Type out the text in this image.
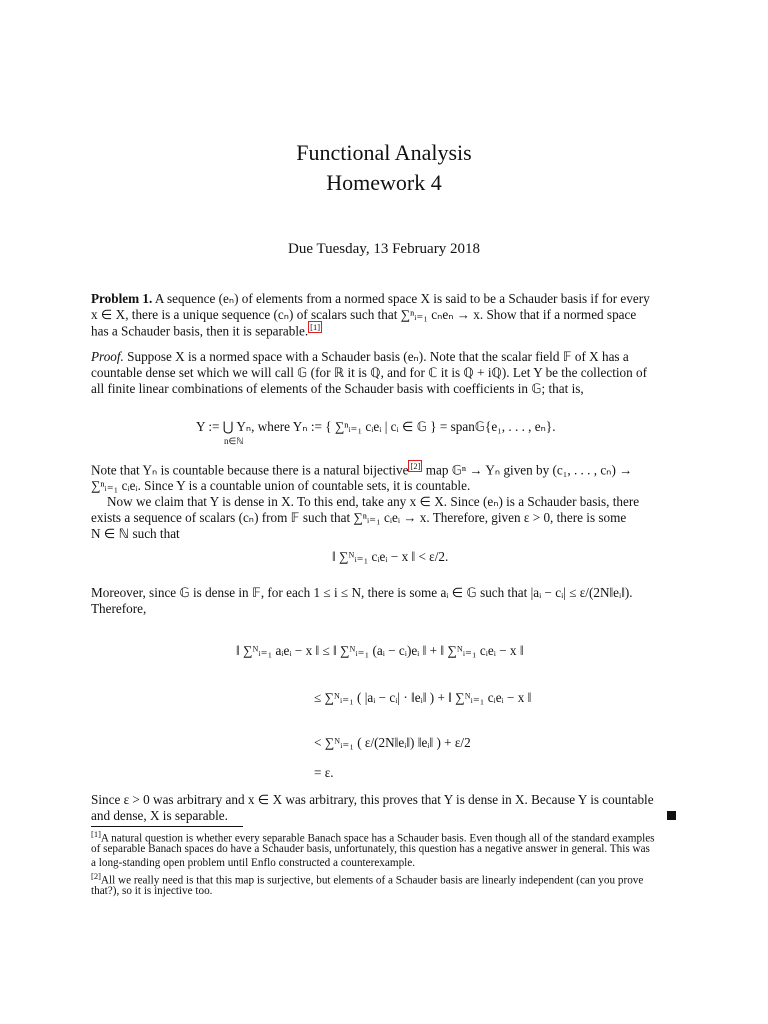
Functional Analysis
Homework 4
Due Tuesday, 13 February 2018
Problem 1. A sequence (eₙ) of elements from a normed space X is said to be a Schauder basis if for every
x ∈ X, there is a unique sequence (cₙ) of scalars such that ∑ⁿᵢ₌₁ cₙeₙ → x. Show that if a normed space
has a Schauder basis, then it is separable. [1]
Proof. Suppose X is a normed space with a Schauder basis (eₙ). Note that the scalar field 𝔽 of X has a
countable dense set which we will call 𝔾 (for ℝ it is ℚ, and for ℂ it is ℚ + iℚ). Let Y be the collection of
all finite linear combinations of elements of the Schauder basis with coefficients in 𝔾; that is,
Y := ⋃ Yₙ, where Yₙ := { ∑ⁿᵢ₌₁ cᵢeᵢ | cᵢ ∈ 𝔾 } = span𝔾{e₁, . . . , eₙ}.
n∈ℕ
Note that Yₙ is countable because there is a natural bijective [2] map 𝔾ⁿ → Yₙ given by (c₁, . . . , cₙ) →
∑ⁿᵢ₌₁ cᵢeᵢ. Since Y is a countable union of countable sets, it is countable.
Now we claim that Y is dense in X. To this end, take any x ∈ X. Since (eₙ) is a Schauder basis, there
exists a sequence of scalars (cₙ) from 𝔽 such that ∑ⁿᵢ₌₁ cᵢeᵢ → x. Therefore, given ε > 0, there is some
N ∈ ℕ such that
‖ ∑ᴺᵢ₌₁ cᵢeᵢ − x ‖ < ε/2.
Moreover, since 𝔾 is dense in 𝔽, for each 1 ≤ i ≤ N, there is some aᵢ ∈ 𝔾 such that |aᵢ − cᵢ| ≤ ε/(2N‖eᵢ‖).
Therefore,
‖ ∑ᴺᵢ₌₁ aᵢeᵢ − x ‖ ≤ ‖ ∑ᴺᵢ₌₁ (aᵢ − cᵢ)eᵢ ‖ + ‖ ∑ᴺᵢ₌₁ cᵢeᵢ − x ‖
≤ ∑ᴺᵢ₌₁ ( |aᵢ − cᵢ| · ‖eᵢ‖ ) + ‖ ∑ᴺᵢ₌₁ cᵢeᵢ − x ‖
< ∑ᴺᵢ₌₁ ( ε/(2N‖eᵢ‖) ‖eᵢ‖ ) + ε/2
= ε.
Since ε > 0 was arbitrary and x ∈ X was arbitrary, this proves that Y is dense in X. Because Y is countable
and dense, X is separable.
[1]A natural question is whether every separable Banach space has a Schauder basis. Even though all of the standard examples
of separable Banach spaces do have a Schauder basis, unfortunately, this question has a negative answer in general. This was
a long-standing open problem until Enflo constructed a counterexample.
[2]All we really need is that this map is surjective, but elements of a Schauder basis are linearly independent (can you prove
that?), so it is injective too.
